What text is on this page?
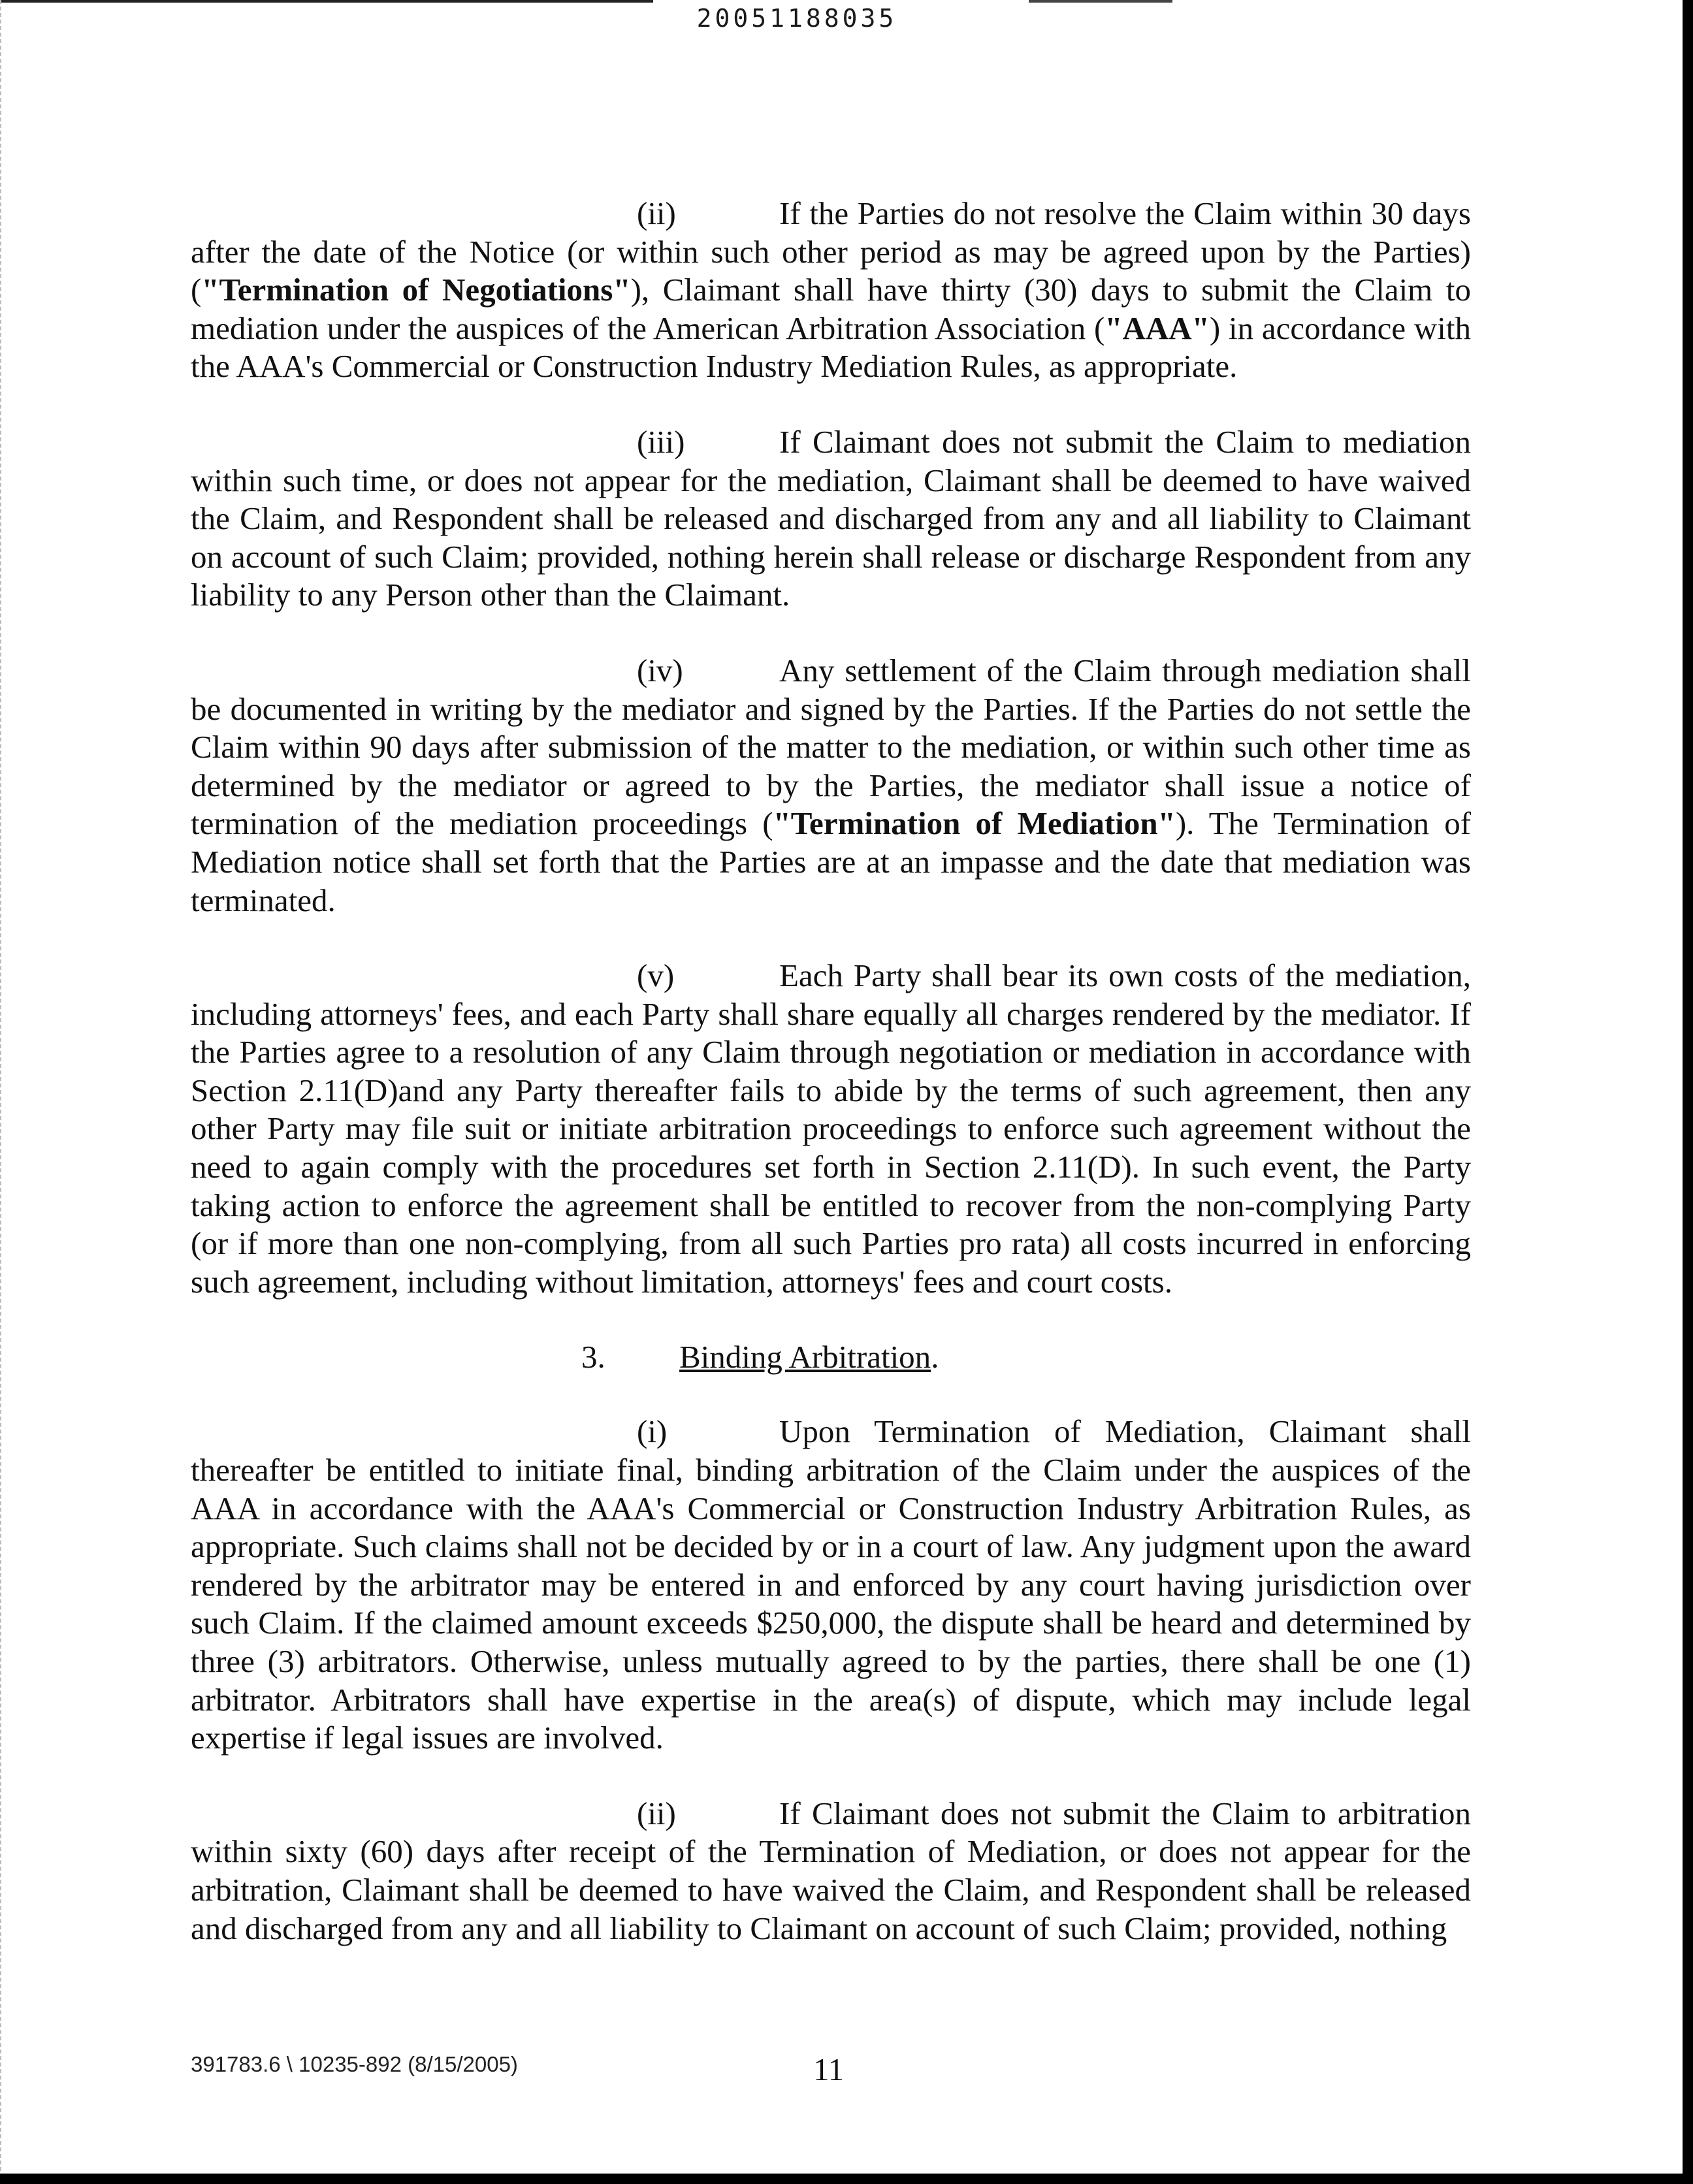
20051188035

(ii)	If the Parties do not resolve the Claim within 30 days after the date of the Notice (or within such other period as may be agreed upon by the Parties) ("Termination of Negotiations"), Claimant shall have thirty (30) days to submit the Claim to mediation under the auspices of the American Arbitration Association ("AAA") in accordance with the AAA's Commercial or Construction Industry Mediation Rules, as appropriate.

(iii)	If Claimant does not submit the Claim to mediation within such time, or does not appear for the mediation, Claimant shall be deemed to have waived the Claim, and Respondent shall be released and discharged from any and all liability to Claimant on account of such Claim; provided, nothing herein shall release or discharge Respondent from any liability to any Person other than the Claimant.

(iv)	Any settlement of the Claim through mediation shall be documented in writing by the mediator and signed by the Parties. If the Parties do not settle the Claim within 90 days after submission of the matter to the mediation, or within such other time as determined by the mediator or agreed to by the Parties, the mediator shall issue a notice of termination of the mediation proceedings ("Termination of Mediation"). The Termination of Mediation notice shall set forth that the Parties are at an impasse and the date that mediation was terminated.

(v)	Each Party shall bear its own costs of the mediation, including attorneys' fees, and each Party shall share equally all charges rendered by the mediator. If the Parties agree to a resolution of any Claim through negotiation or mediation in accordance with Section 2.11(D)and any Party thereafter fails to abide by the terms of such agreement, then any other Party may file suit or initiate arbitration proceedings to enforce such agreement without the need to again comply with the procedures set forth in Section 2.11(D). In such event, the Party taking action to enforce the agreement shall be entitled to recover from the non-complying Party (or if more than one non-complying, from all such Parties pro rata) all costs incurred in enforcing such agreement, including without limitation, attorneys' fees and court costs.

3. Binding Arbitration.

(i)	Upon Termination of Mediation, Claimant shall thereafter be entitled to initiate final, binding arbitration of the Claim under the auspices of the AAA in accordance with the AAA's Commercial or Construction Industry Arbitration Rules, as appropriate. Such claims shall not be decided by or in a court of law. Any judgment upon the award rendered by the arbitrator may be entered in and enforced by any court having jurisdiction over such Claim. If the claimed amount exceeds $250,000, the dispute shall be heard and determined by three (3) arbitrators. Otherwise, unless mutually agreed to by the parties, there shall be one (1) arbitrator. Arbitrators shall have expertise in the area(s) of dispute, which may include legal expertise if legal issues are involved.

(ii)	If Claimant does not submit the Claim to arbitration within sixty (60) days after receipt of the Termination of Mediation, or does not appear for the arbitration, Claimant shall be deemed to have waived the Claim, and Respondent shall be released and discharged from any and all liability to Claimant on account of such Claim; provided, nothing

391783.6 \ 10235-892 (8/15/2005)	11
